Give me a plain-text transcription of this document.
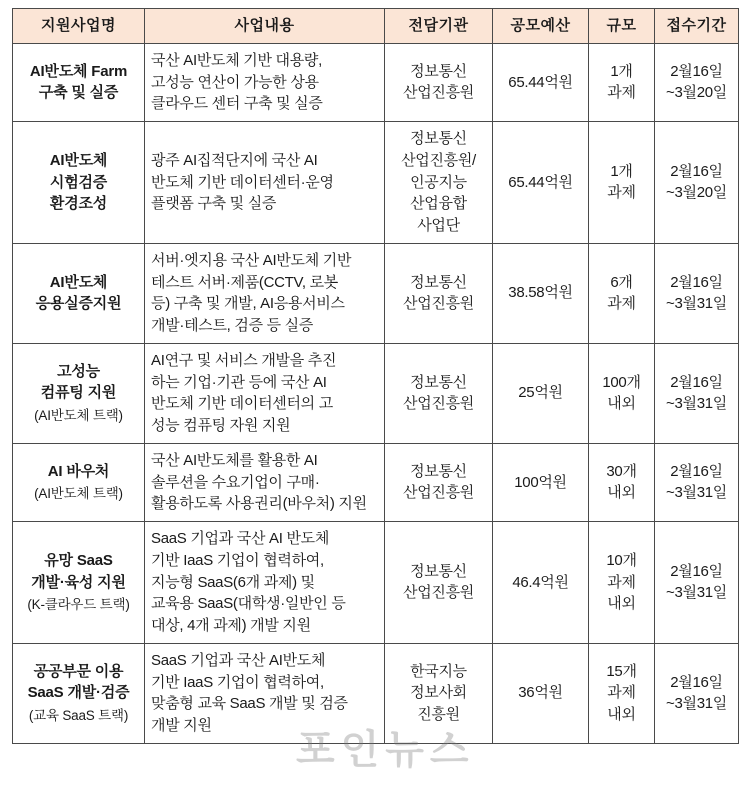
지원사업명	사업내용	전담기관	공모예산	규모	접수기간

AI반도체 Farm
구축 및 실증	국산 AI반도체 기반 대용량,
고성능 연산이 가능한 상용
클라우드 센터 구축 및 실증	정보통신
산업진흥원	65.44억원	1개
과제	2월16일
~3월20일

AI반도체
시험검증
환경조성	광주 AI집적단지에 국산 AI
반도체 기반 데이터센터·운영
플랫폼 구축 및 실증	정보통신
산업진흥원/
인공지능
산업융합
사업단	65.44억원	1개
과제	2월16일
~3월20일

AI반도체
응용실증지원	서버·엣지용 국산 AI반도체 기반
테스트 서버·제품(CCTV, 로봇
등) 구축 및 개발, AI응용서비스
개발·테스트, 검증 등 실증	정보통신
산업진흥원	38.58억원	6개
과제	2월16일
~3월31일

고성능
컴퓨팅 지원
(AI반도체 트랙)	AI연구 및 서비스 개발을 추진
하는 기업·기관 등에 국산 AI
반도체 기반 데이터센터의 고
성능 컴퓨팅 자원 지원	정보통신
산업진흥원	25억원	100개
내외	2월16일
~3월31일

AI 바우처
(AI반도체 트랙)	국산 AI반도체를 활용한 AI
솔루션을 수요기업이 구매·
활용하도록 사용권리(바우처) 지원	정보통신
산업진흥원	100억원	30개
내외	2월16일
~3월31일

유망 SaaS
개발·육성 지원
(K-클라우드 트랙)	SaaS 기업과 국산 AI 반도체
기반 IaaS 기업이 협력하여,
지능형 SaaS(6개 과제) 및
교육용 SaaS(대학생·일반인 등
대상, 4개 과제) 개발 지원	정보통신
산업진흥원	46.4억원	10개
과제
내외	2월16일
~3월31일

공공부문 이용
SaaS 개발·검증
(교육 SaaS 트랙)	SaaS 기업과 국산 AI반도체
기반 IaaS 기업이 협력하여,
맞춤형 교육 SaaS 개발 및 검증
개발 지원	한국지능
정보사회
진흥원	36억원	15개
과제
내외	2월16일
~3월31일
포인뉴스
